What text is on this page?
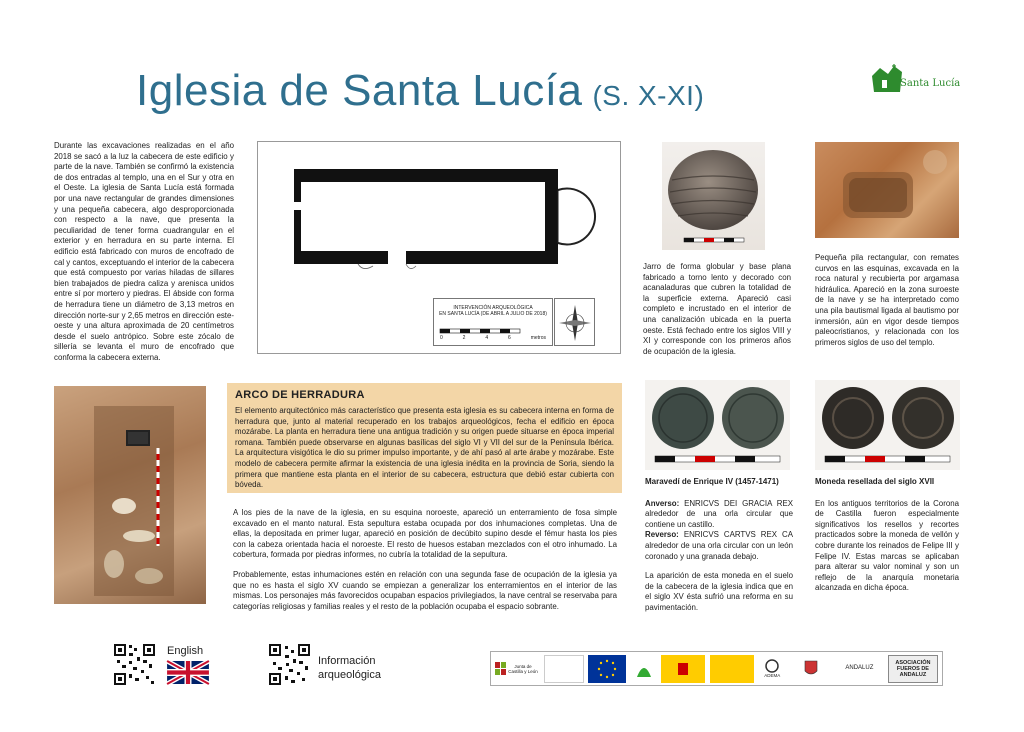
Iglesia de Santa Lucía (S. X-XI)	Santa Lucía
Durante las excavaciones realizadas en el año 2018 se sacó a la luz la cabecera de este edificio y parte de la nave. También se confirmó la existencia de dos entradas al templo, una en el Sur y otra en el Oeste. La iglesia de Santa Lucía está formada por una nave rectangular de grandes dimensiones y una pequeña cabecera, algo desproporcionada con respecto a la nave, que presenta la peculiaridad de tener forma cuadrangular en el exterior y en herradura en su parte interna. El edificio está fabricado con muros de encofrado de cal y cantos, exceptuando el interior de la cabecera que está compuesto por varias hiladas de sillares bien trabajados de piedra caliza y arenisca unidos entre sí por mortero y piedras. El ábside con forma de herradura tiene un diámetro de 3,13 metros en dirección norte-sur y 2,65 metros en dirección este-oeste y una altura aproximada de 20 centímetros desde el suelo antrópico. Sobre este zócalo de sillería se levanta el muro de encofrado que conforma la cabecera externa.
INTERVENCIÓN ARQUEOLÓGICA
EN SANTA LUCÍA (DE ABRIL A JULIO DE 2018)
0	2	4	6	metros
Jarro de forma globular y base plana fabricado a torno lento y decorado con acanaladuras que cubren la totalidad de la superficie externa. Apareció casi completo e incrustado en el interior de una canalización ubicada en la puerta oeste. Está fechado entre los siglos VIII y XI y corresponde con los primeros años de ocupación de la iglesia.
Pequeña pila rectangular, con remates curvos en las esquinas, excavada en la roca natural y recubierta por argamasa hidráulica. Apareció en la zona suroeste de la nave y se ha interpretado como una pila bautismal ligada al bautismo por inmersión, aún en vigor desde tiempos paleocristianos, y relacionada con los primeros siglos de uso del templo.
ARCO DE HERRADURA
El elemento arquitectónico más característico que presenta esta iglesia es su cabecera interna en forma de herradura que, junto al material recuperado en los trabajos arqueológicos, fecha el edificio en época mozárabe. La planta en herradura tiene una antigua tradición y su origen puede situarse en época imperial romana. También puede observarse en algunas basílicas del siglo VI y VII del sur de la Península Ibérica. La arquitectura visigótica le dio su primer impulso importante, y de ahí pasó al arte árabe y mozárabe. Este modelo de cabecera permite afirmar la existencia de una iglesia inédita en la provincia de Soria, siendo la primera que mantiene esta planta en el interior de su cabecera, estructura que debió estar cubierta con bóveda.

A los pies de la nave de la iglesia, en su esquina noroeste, apareció un enterramiento de fosa simple excavado en el manto natural. Esta sepultura estaba ocupada por dos inhumaciones completas. Una de ellas, la depositada en primer lugar, apareció en posición de decúbito supino desde el fémur hasta los pies con la cabeza orientada hacia el noroeste. El resto de huesos estaban mezclados con el otro inhumado. La cobertura, formada por piedras informes, no cubría la totalidad de la sepultura.

Probablemente, estas inhumaciones estén en relación con una segunda fase de ocupación de la iglesia ya que no es hasta el siglo XV cuando se empiezan a generalizar los enterramientos en el interior de las mismas. Los personajes más favorecidos ocupaban espacios privilegiados, la nave central se reservaba para categorías religiosas y familias reales y el resto de la población ocupaba el espacio sobrante.

Maravedí de Enrique IV (1457-1471)

Anverso: ENRICVS DEI GRACIA REX alrededor de una orla circular que contiene un castillo.

Reverso: ENRICVS CARTVS REX CA alrededor de una orla circular con un león coronado y una granada debajo.

La aparición de esta moneda en el suelo de la cabecera de la iglesia indica que en el siglo XV ésta sufrió una reforma en su pavimentación.

Moneda resellada del siglo XVII

En los antiguos territorios de la Corona de Castilla fueron especialmente significativos los resellos y recortes practicados sobre la moneda de vellón y cobre durante los reinados de Felipe III y Felipe IV. Estas marcas se aplicaban para alterar su valor nominal y son un reflejo de la anarquía monetaria alcanzada en dicha época.

English
Información arqueológica
Junta de Castilla y León
ADEMA
ANDALUZ
ASOCIACIÓN FUEROS DE ANDALUZ
